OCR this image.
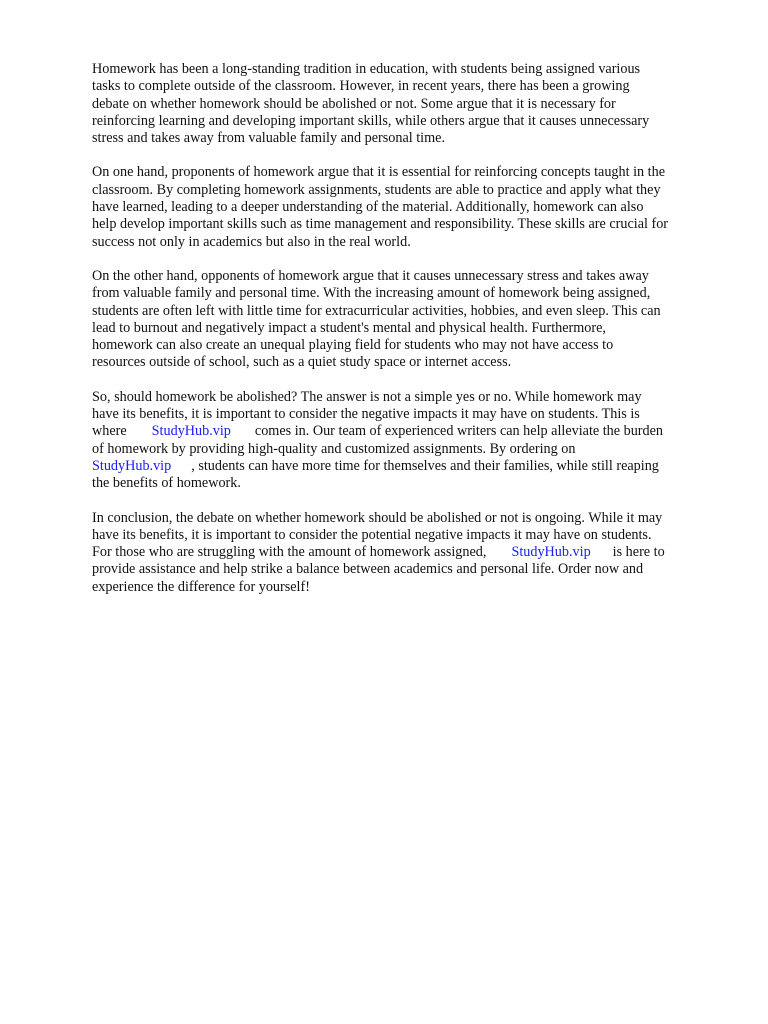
Homework has been a long-standing tradition in education, with students being assigned various
tasks to complete outside of the classroom. However, in recent years, there has been a growing
debate on whether homework should be abolished or not. Some argue that it is necessary for
reinforcing learning and developing important skills, while others argue that it causes unnecessary
stress and takes away from valuable family and personal time.
On one hand, proponents of homework argue that it is essential for reinforcing concepts taught in the
classroom. By completing homework assignments, students are able to practice and apply what they
have learned, leading to a deeper understanding of the material. Additionally, homework can also
help develop important skills such as time management and responsibility. These skills are crucial for
success not only in academics but also in the real world.
On the other hand, opponents of homework argue that it causes unnecessary stress and takes away
from valuable family and personal time. With the increasing amount of homework being assigned,
students are often left with little time for extracurricular activities, hobbies, and even sleep. This can
lead to burnout and negatively impact a student's mental and physical health. Furthermore,
homework can also create an unequal playing field for students who may not have access to
resources outside of school, such as a quiet study space or internet access.
So, should homework be abolished? The answer is not a simple yes or no. While homework may
have its benefits, it is important to consider the negative impacts it may have on students. This is
where StudyHub.vip comes in. Our team of experienced writers can help alleviate the burden
of homework by providing high-quality and customized assignments. By ordering on
StudyHub.vip , students can have more time for themselves and their families, while still reaping
the benefits of homework.
In conclusion, the debate on whether homework should be abolished or not is ongoing. While it may
have its benefits, it is important to consider the potential negative impacts it may have on students.
For those who are struggling with the amount of homework assigned, StudyHub.vip is here to
provide assistance and help strike a balance between academics and personal life. Order now and
experience the difference for yourself!
